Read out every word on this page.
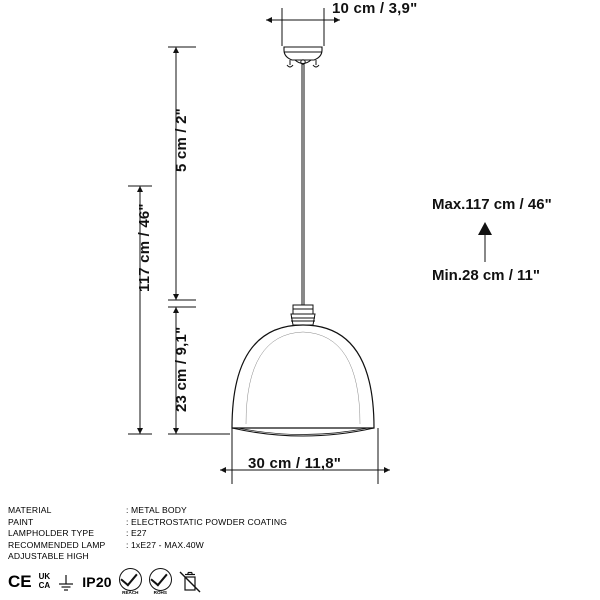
10 cm / 3,9"
5 cm / 2"
117 cm / 46"
23 cm / 9,1"
30 cm / 11,8"
Max.117 cm / 46"
Min.28 cm / 11"
MATERIAL	: METAL BODY
PAINT	: ELECTROSTATIC POWDER COATING
LAMPHOLDER TYPE	: E27
RECOMMENDED LAMP	: 1xE27 - MAX.40W
ADJUSTABLE HIGH
CE UK
CA IP20
REACH	ROHS
